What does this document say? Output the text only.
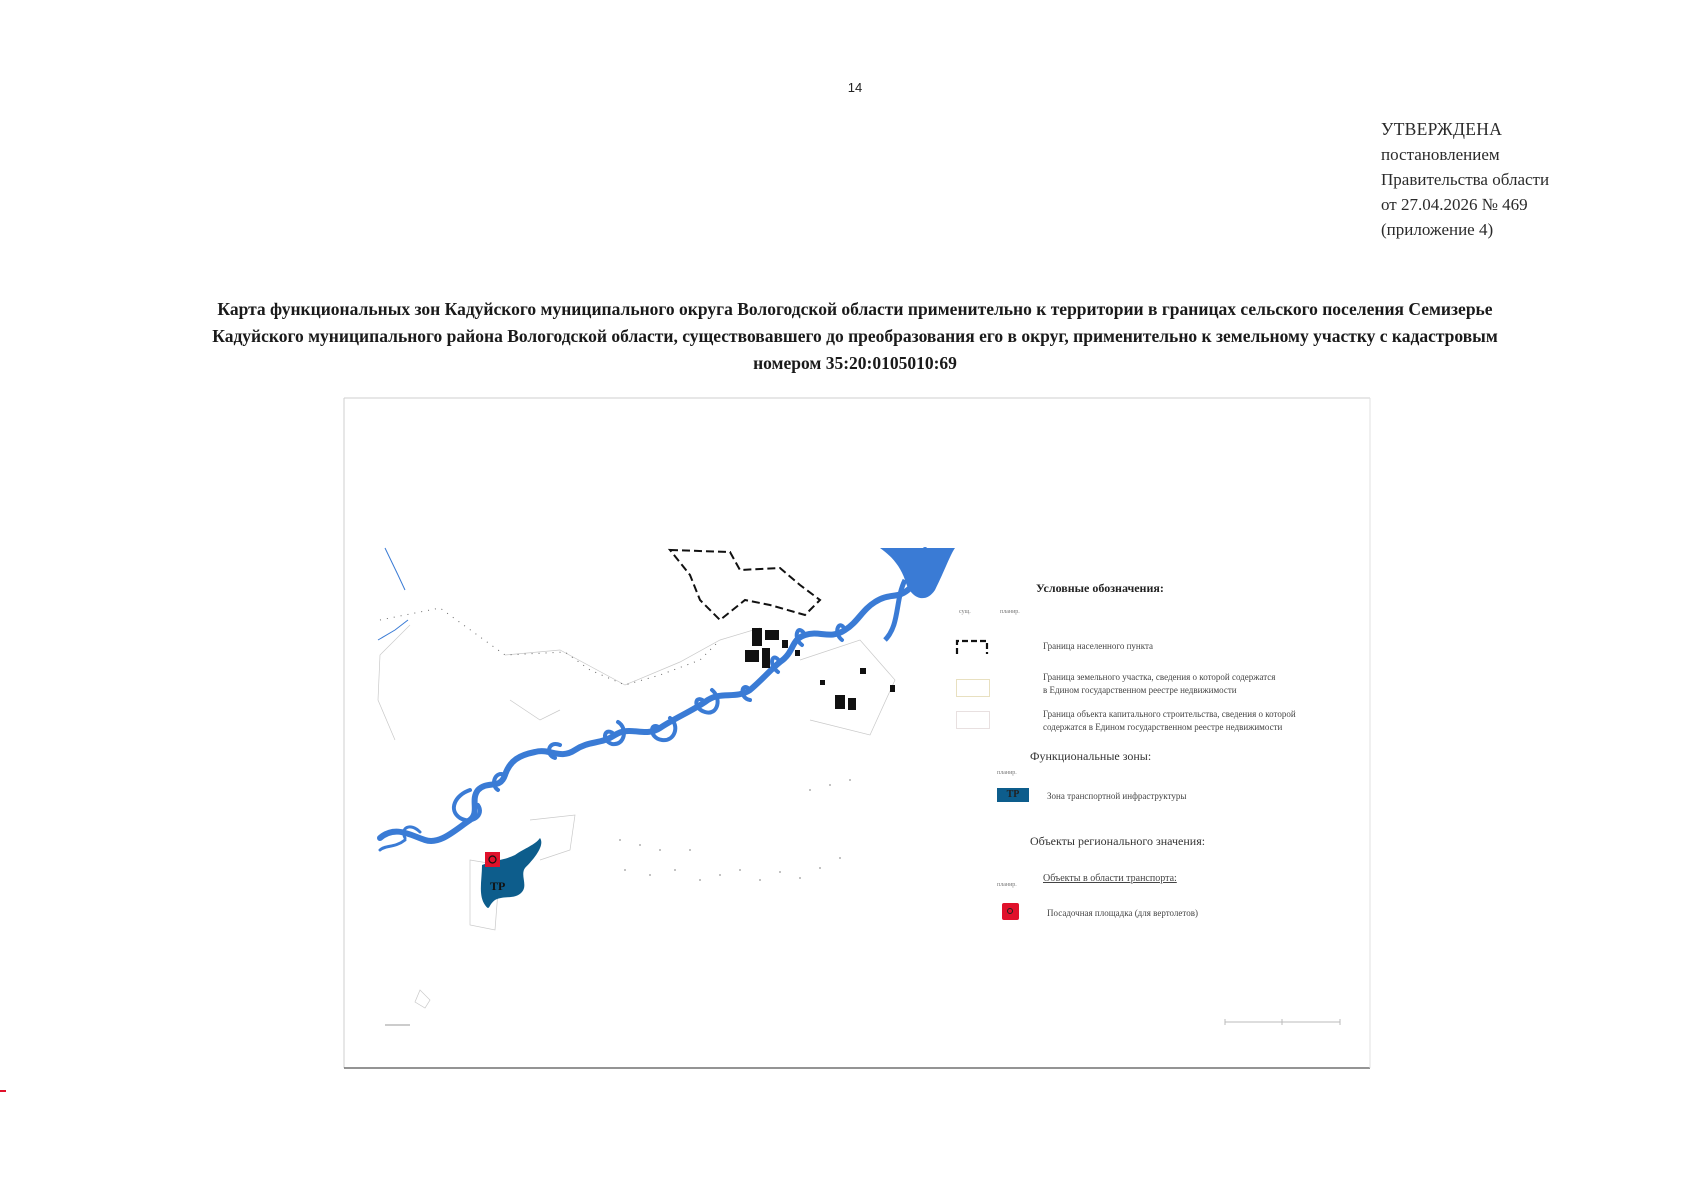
14
УТВЕРЖДЕНА
постановлением
Правительства области
от 27.04.2026 № 469
(приложение 4)
Карта функциональных зон Кадуйского муниципального округа Вологодской области применительно к территории в границах сельского поселения Семизерье
Кадуйского муниципального района Вологодской области, существовавшего до преобразования его в округ, применительно к земельному участку с кадастровым
номером 35:20:0105010:69
ТР
Условные обозначения:
сущ.	планир.
Граница населенного пункта
Граница земельного участка, сведения о которой содержатся
в Едином государственном реестре недвижимости
Граница объекта капитального строительства, сведения о которой
содержатся в Едином государственном реестре недвижимости
Функциональные зоны:
планир.
ТР	Зона транспортной инфраструктуры
Объекты регионального значения:
планир.
Объекты в области транспорта:
Посадочная площадка (для вертолетов)
